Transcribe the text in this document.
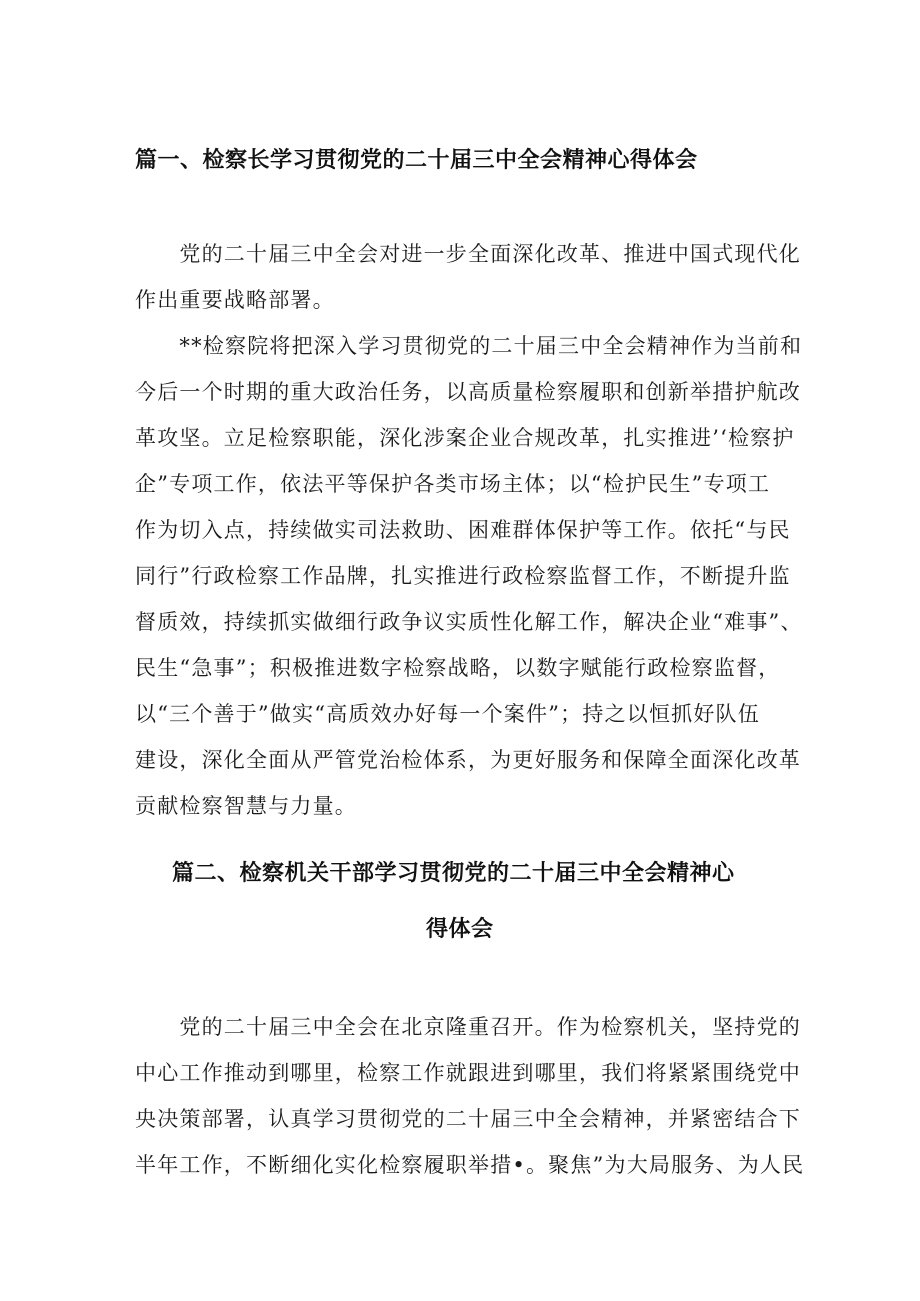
篇一、检察长学习贯彻党的二十届三中全会精神心得体会
　　党的二十届三中全会对进一步全面深化改革、推进中国式现代化
作出重要战略部署。
　　**检察院将把深入学习贯彻党的二十届三中全会精神作为当前和
今后一个时期的重大政治任务，以高质量检察履职和创新举措护航改
革攻坚。立足检察职能，深化涉案企业合规改革，扎实推进’‘检察护
企”专项工作，依法平等保护各类市场主体；以“检护民生”专项工
作为切入点，持续做实司法救助、困难群体保护等工作。依托“与民
同行”行政检察工作品牌，扎实推进行政检察监督工作，不断提升监
督质效，持续抓实做细行政争议实质性化解工作，解决企业“难事”、
民生“急事”；积极推进数字检察战略，以数字赋能行政检察监督，
以“三个善于”做实“高质效办好每一个案件”；持之以恒抓好队伍
建设，深化全面从严管党治检体系，为更好服务和保障全面深化改革
贡献检察智慧与力量。
篇二、检察机关干部学习贯彻党的二十届三中全会精神心
得体会
　　党的二十届三中全会在北京隆重召开。作为检察机关，坚持党的
中心工作推动到哪里，检察工作就跟进到哪里，我们将紧紧围绕党中
央决策部署，认真学习贯彻党的二十届三中全会精神，并紧密结合下
半年工作，不断细化实化检察履职举措•。聚焦”为大局服务、为人民
